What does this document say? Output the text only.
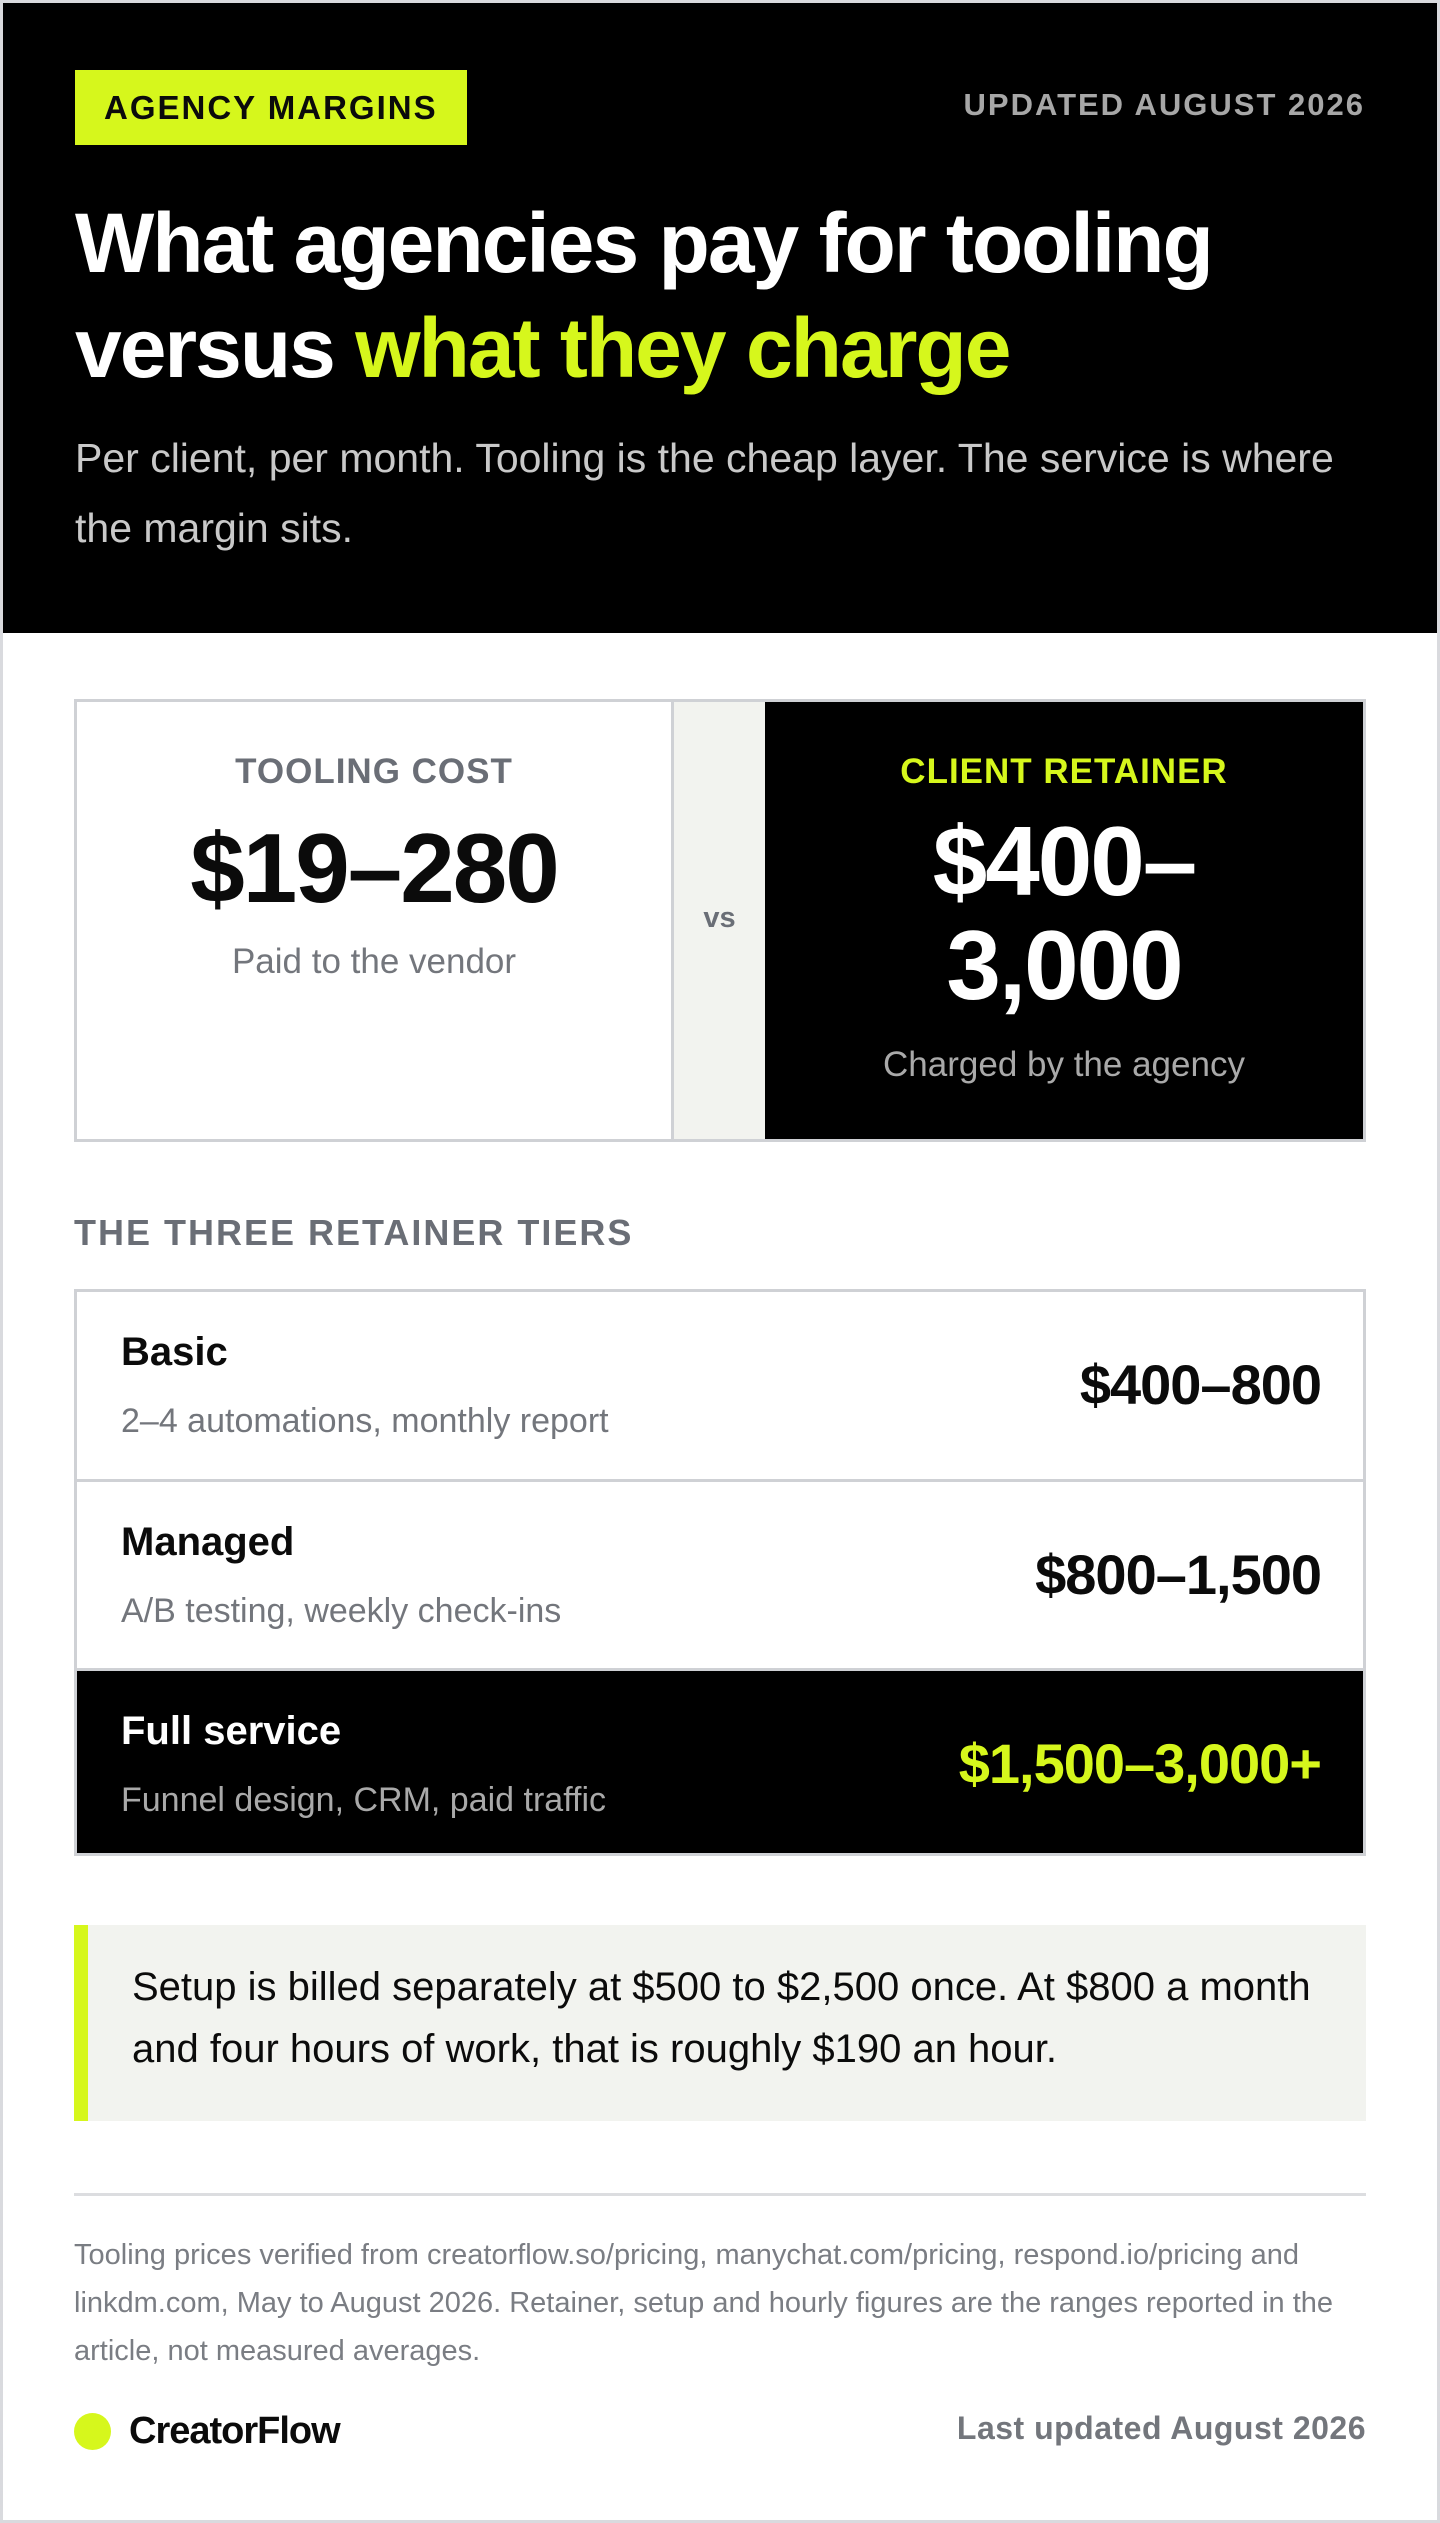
AGENCY MARGINS	UPDATED AUGUST 2026
What agencies pay for tooling
versus what they charge

Per client, per month. Tooling is the cheap layer. The service is where the margin sits.

TOOLING COST
$19–280
Paid to the vendor
vs
CLIENT RETAINER
$400–
3,000
Charged by the agency
THE THREE RETAINER TIERS
Basic
2–4 automations, monthly report
$400–800
Managed
A/B testing, weekly check-ins
$800–1,500
Full service
Funnel design, CRM, paid traffic
$1,500–3,000+

Setup is billed separately at $500 to $2,500 once. At $800 a month and four hours of work, that is roughly $190 an hour.

Tooling prices verified from creatorflow.so/pricing, manychat.com/pricing, respond.io/pricing and linkdm.com, May to August 2026. Retainer, setup and hourly figures are the ranges reported in the article, not measured averages.

CreatorFlow	Last updated August 2026
